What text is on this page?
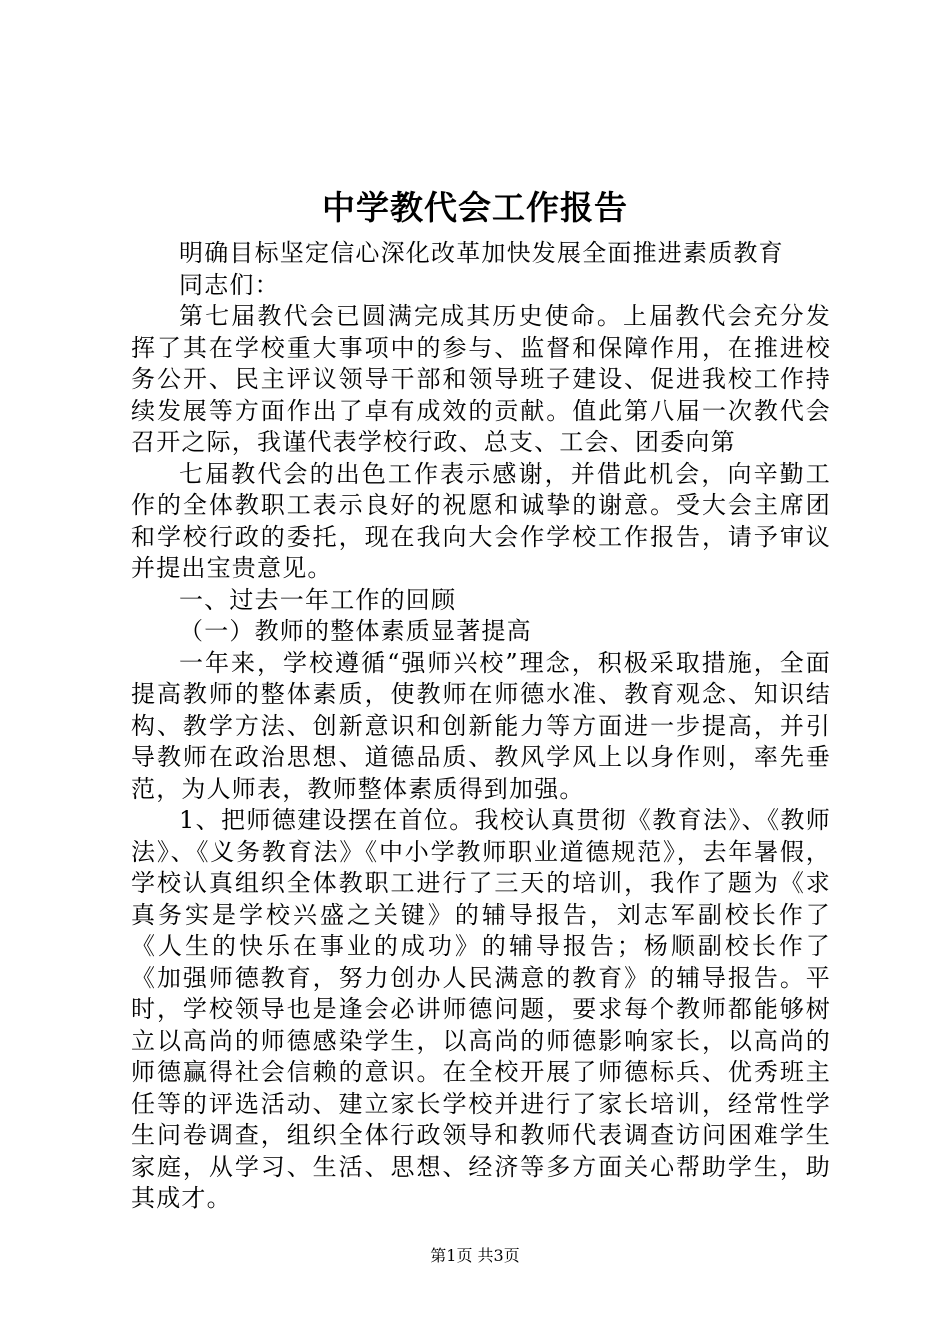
中学教代会工作报告

明确目标坚定信心深化改革加快发展全面推进素质教育

同志们：

第七届教代会已圆满完成其历史使命。上届教代会充分发挥了其在学校重大事项中的参与、监督和保障作用，在推进校务公开、民主评议领导干部和领导班子建设、促进我校工作持续发展等方面作出了卓有成效的贡献。值此第八届一次教代会召开之际，我谨代表学校行政、总支、工会、团委向第

七届教代会的出色工作表示感谢，并借此机会，向辛勤工作的全体教职工表示良好的祝愿和诚挚的谢意。受大会主席团和学校行政的委托，现在我向大会作学校工作报告，请予审议并提出宝贵意见。

一、过去一年工作的回顾

（一）教师的整体素质显著提高

一年来，学校遵循“强师兴校”理念，积极采取措施，全面提高教师的整体素质，使教师在师德水准、教育观念、知识结构、教学方法、创新意识和创新能力等方面进一步提高，并引导教师在政治思想、道德品质、教风学风上以身作则，率先垂范，为人师表，教师整体素质得到加强。

1、把师德建设摆在首位。我校认真贯彻《教育法》、《教师法》、《义务教育法》《中小学教师职业道德规范》，去年暑假，学校认真组织全体教职工进行了三天的培训，我作了题为《求真务实是学校兴盛之关键》的辅导报告，刘志军副校长作了《人生的快乐在事业的成功》的辅导报告；杨顺副校长作了《加强师德教育，努力创办人民满意的教育》的辅导报告。平时，学校领导也是逢会必讲师德问题，要求每个教师都能够树立以高尚的师德感染学生，以高尚的师德影响家长，以高尚的师德赢得社会信赖的意识。在全校开展了师德标兵、优秀班主任等的评选活动、建立家长学校并进行了家长培训，经常性学生问卷调查，组织全体行政领导和教师代表调查访问困难学生家庭，从学习、生活、思想、经济等多方面关心帮助学生，助其成才。

第1页 共3页
